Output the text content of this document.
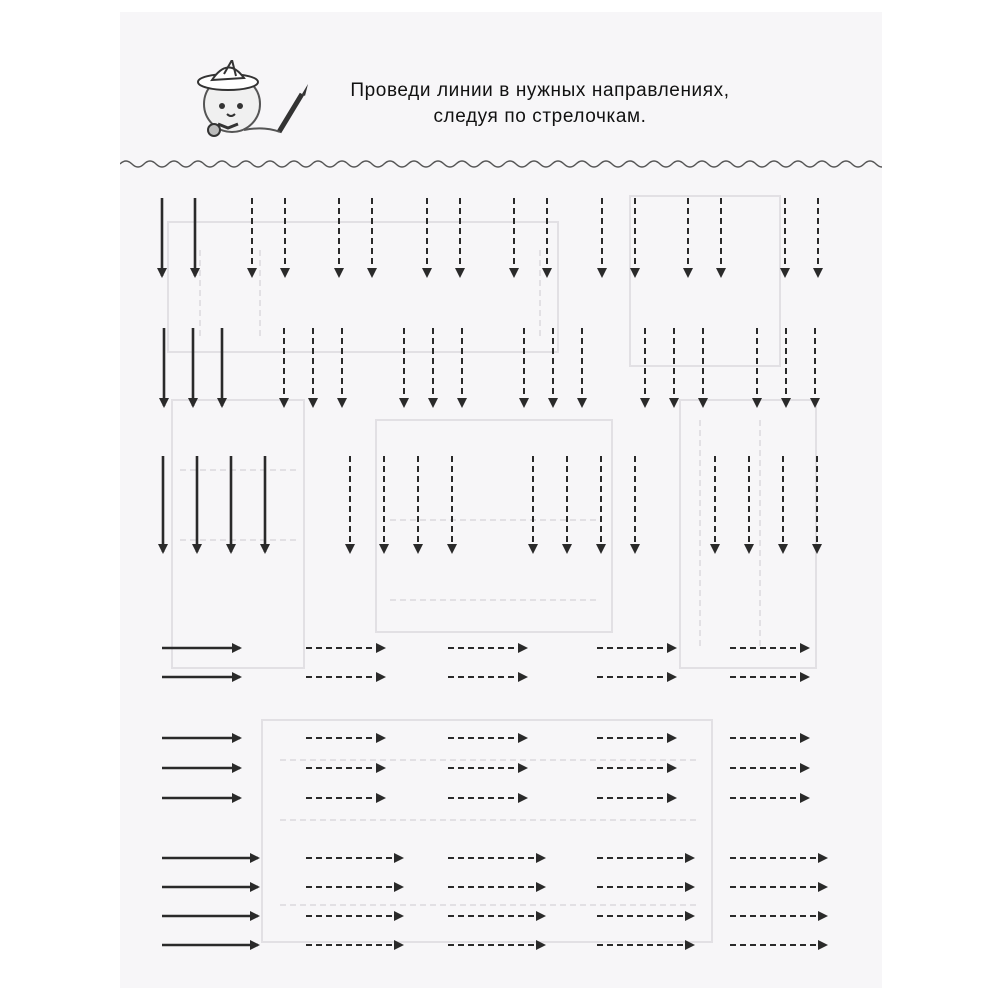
Проведи линии в нужных направлениях,
следуя по стрелочкам.
